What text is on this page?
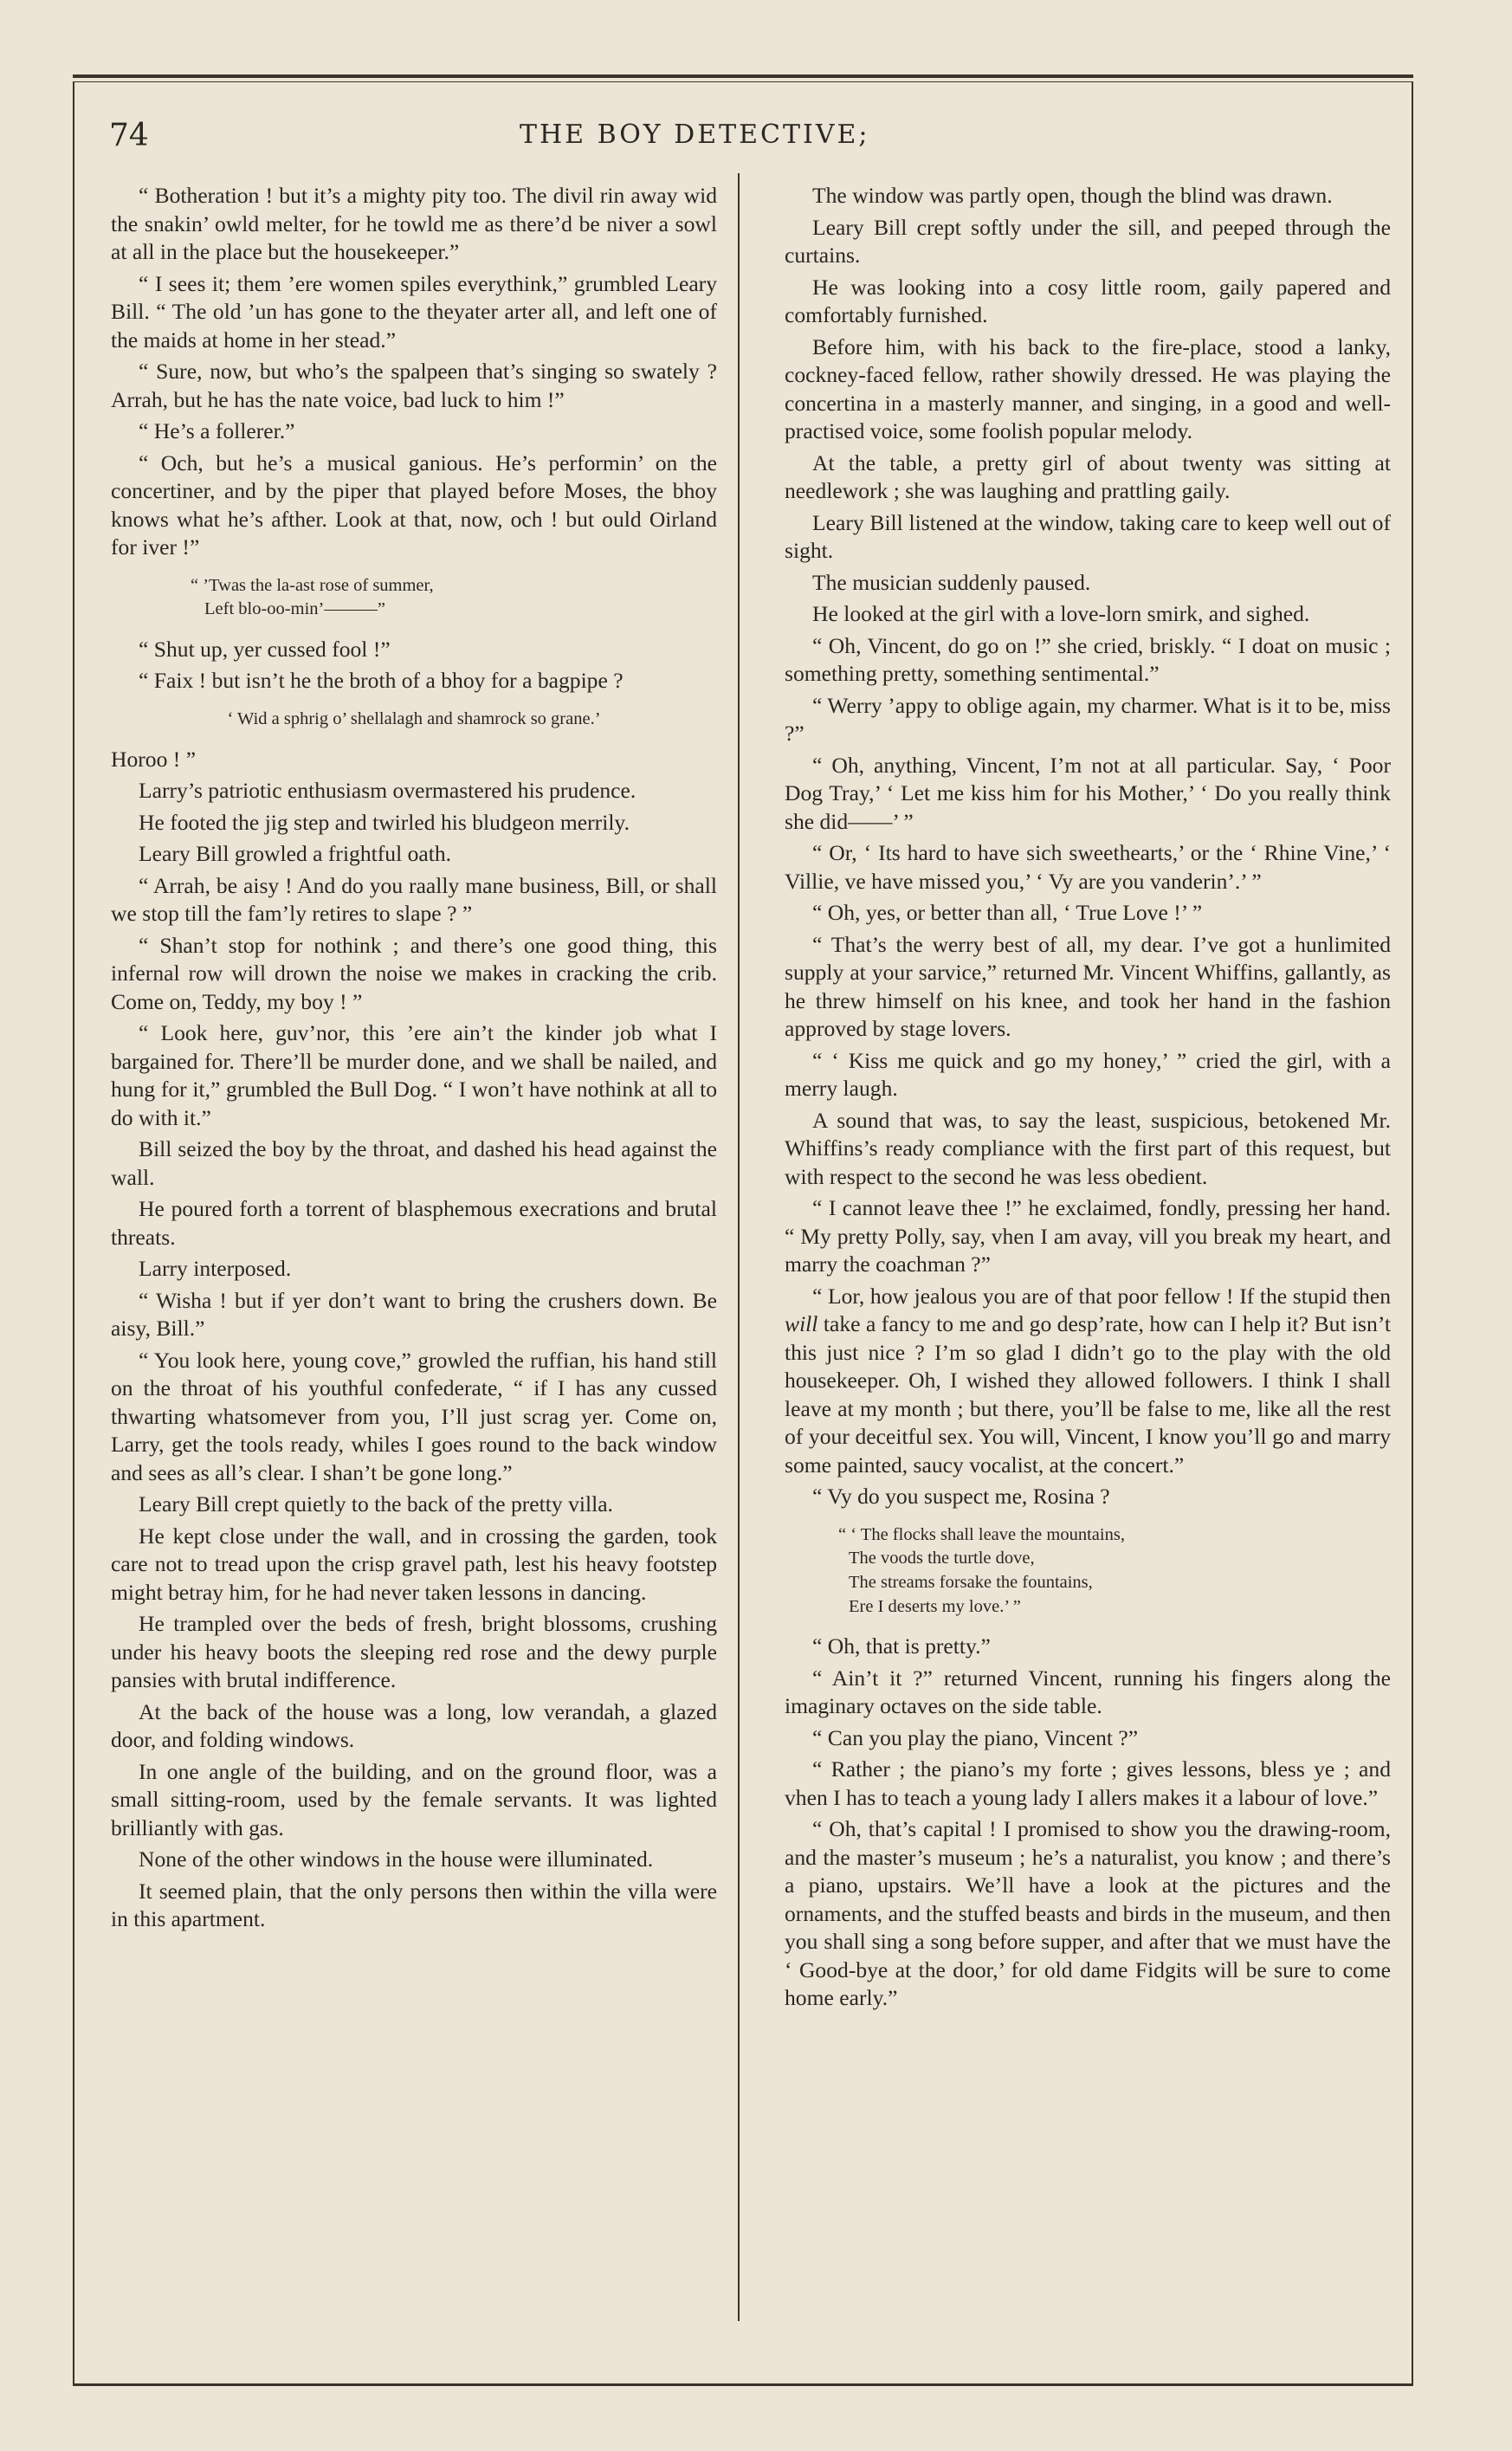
74	THE BOY DETECTIVE;

“ Botheration ! but it’s a mighty pity too. The divil rin away wid the snakin’ owld melter, for he towld me as there’d be niver a sowl at all in the place but the housekeeper.”

“ I sees it; them ’ere women spiles everythink,” grumbled Leary Bill. “ The old ’un has gone to the theyater arter all, and left one of the maids at home in her stead.”

“ Sure, now, but who’s the spalpeen that’s singing so swately ? Arrah, but he has the nate voice, bad luck to him !”

“ He’s a follerer.”

“ Och, but he’s a musical ganious. He’s performin’ on the concertiner, and by the piper that played before Moses, the bhoy knows what he’s afther. Look at that, now, och ! but ould Oirland for iver !”

“ ’Twas the la-ast rose of summer,
Left blo-oo-min’———”

“ Shut up, yer cussed fool !”

“ Faix ! but isn’t he the broth of a bhoy for a bagpipe ?

‘ Wid a sphrig o’ shellalagh and shamrock so grane.’

Horoo ! ”

Larry’s patriotic enthusiasm overmastered his prudence.

He footed the jig step and twirled his bludgeon merrily.

Leary Bill growled a frightful oath.

“ Arrah, be aisy ! And do you raally mane business, Bill, or shall we stop till the fam’ly retires to slape ? ”

“ Shan’t stop for nothink ; and there’s one good thing, this infernal row will drown the noise we makes in cracking the crib. Come on, Teddy, my boy ! ”

“ Look here, guv’nor, this ’ere ain’t the kinder job what I bargained for. There’ll be murder done, and we shall be nailed, and hung for it,” grumbled the Bull Dog. “ I won’t have nothink at all to do with it.”

Bill seized the boy by the throat, and dashed his head against the wall.

He poured forth a torrent of blasphemous execrations and brutal threats.

Larry interposed.

“ Wisha ! but if yer don’t want to bring the crushers down. Be aisy, Bill.”

“ You look here, young cove,” growled the ruffian, his hand still on the throat of his youthful confederate, “ if I has any cussed thwarting whatsomever from you, I’ll just scrag yer. Come on, Larry, get the tools ready, whiles I goes round to the back window and sees as all’s clear. I shan’t be gone long.”

Leary Bill crept quietly to the back of the pretty villa.

He kept close under the wall, and in crossing the garden, took care not to tread upon the crisp gravel path, lest his heavy footstep might betray him, for he had never taken lessons in dancing.

He trampled over the beds of fresh, bright blossoms, crushing under his heavy boots the sleeping red rose and the dewy purple pansies with brutal indifference.

At the back of the house was a long, low verandah, a glazed door, and folding windows.

In one angle of the building, and on the ground floor, was a small sitting-room, used by the female servants. It was lighted brilliantly with gas.

None of the other windows in the house were illuminated.

It seemed plain, that the only persons then within the villa were in this apartment.

The window was partly open, though the blind was drawn.

Leary Bill crept softly under the sill, and peeped through the curtains.

He was looking into a cosy little room, gaily papered and comfortably furnished.

Before him, with his back to the fire-place, stood a lanky, cockney-faced fellow, rather showily dressed. He was playing the concertina in a masterly manner, and singing, in a good and well-practised voice, some foolish popular melody.

At the table, a pretty girl of about twenty was sitting at needlework ; she was laughing and prattling gaily.

Leary Bill listened at the window, taking care to keep well out of sight.

The musician suddenly paused.

He looked at the girl with a love-lorn smirk, and sighed.

“ Oh, Vincent, do go on !” she cried, briskly. “ I doat on music ; something pretty, something sentimental.”

“ Werry ’appy to oblige again, my charmer. What is it to be, miss ?”

“ Oh, anything, Vincent, I’m not at all particular. Say, ‘ Poor Dog Tray,’ ‘ Let me kiss him for his Mother,’ ‘ Do you really think she did——’ ”

“ Or, ‘ Its hard to have sich sweethearts,’ or the ‘ Rhine Vine,’ ‘ Villie, ve have missed you,’ ‘ Vy are you vanderin’.’ ”

“ Oh, yes, or better than all, ‘ True Love !’ ”

“ That’s the werry best of all, my dear. I’ve got a hunlimited supply at your sarvice,” returned Mr. Vincent Whiffins, gallantly, as he threw himself on his knee, and took her hand in the fashion approved by stage lovers.

“ ‘ Kiss me quick and go my honey,’ ” cried the girl, with a merry laugh.

A sound that was, to say the least, suspicious, betokened Mr. Whiffins’s ready compliance with the first part of this request, but with respect to the second he was less obedient.

“ I cannot leave thee !” he exclaimed, fondly, pressing her hand. “ My pretty Polly, say, vhen I am avay, vill you break my heart, and marry the coachman ?”

“ Lor, how jealous you are of that poor fellow ! If the stupid then will take a fancy to me and go desp’rate, how can I help it? But isn’t this just nice ? I’m so glad I didn’t go to the play with the old housekeeper. Oh, I wished they allowed followers. I think I shall leave at my month ; but there, you’ll be false to me, like all the rest of your deceitful sex. You will, Vincent, I know you’ll go and marry some painted, saucy vocalist, at the concert.”

“ Vy do you suspect me, Rosina ?

“ ‘ The flocks shall leave the mountains,
The voods the turtle dove,
The streams forsake the fountains,
Ere I deserts my love.’ ”

“ Oh, that is pretty.”

“ Ain’t it ?” returned Vincent, running his fingers along the imaginary octaves on the side table.

“ Can you play the piano, Vincent ?”

“ Rather ; the piano’s my forte ; gives lessons, bless ye ; and vhen I has to teach a young lady I allers makes it a labour of love.”

“ Oh, that’s capital ! I promised to show you the drawing-room, and the master’s museum ; he’s a naturalist, you know ; and there’s a piano, upstairs. We’ll have a look at the pictures and the ornaments, and the stuffed beasts and birds in the museum, and then you shall sing a song before supper, and after that we must have the ‘ Good-bye at the door,’ for old dame Fidgits will be sure to come home early.”
